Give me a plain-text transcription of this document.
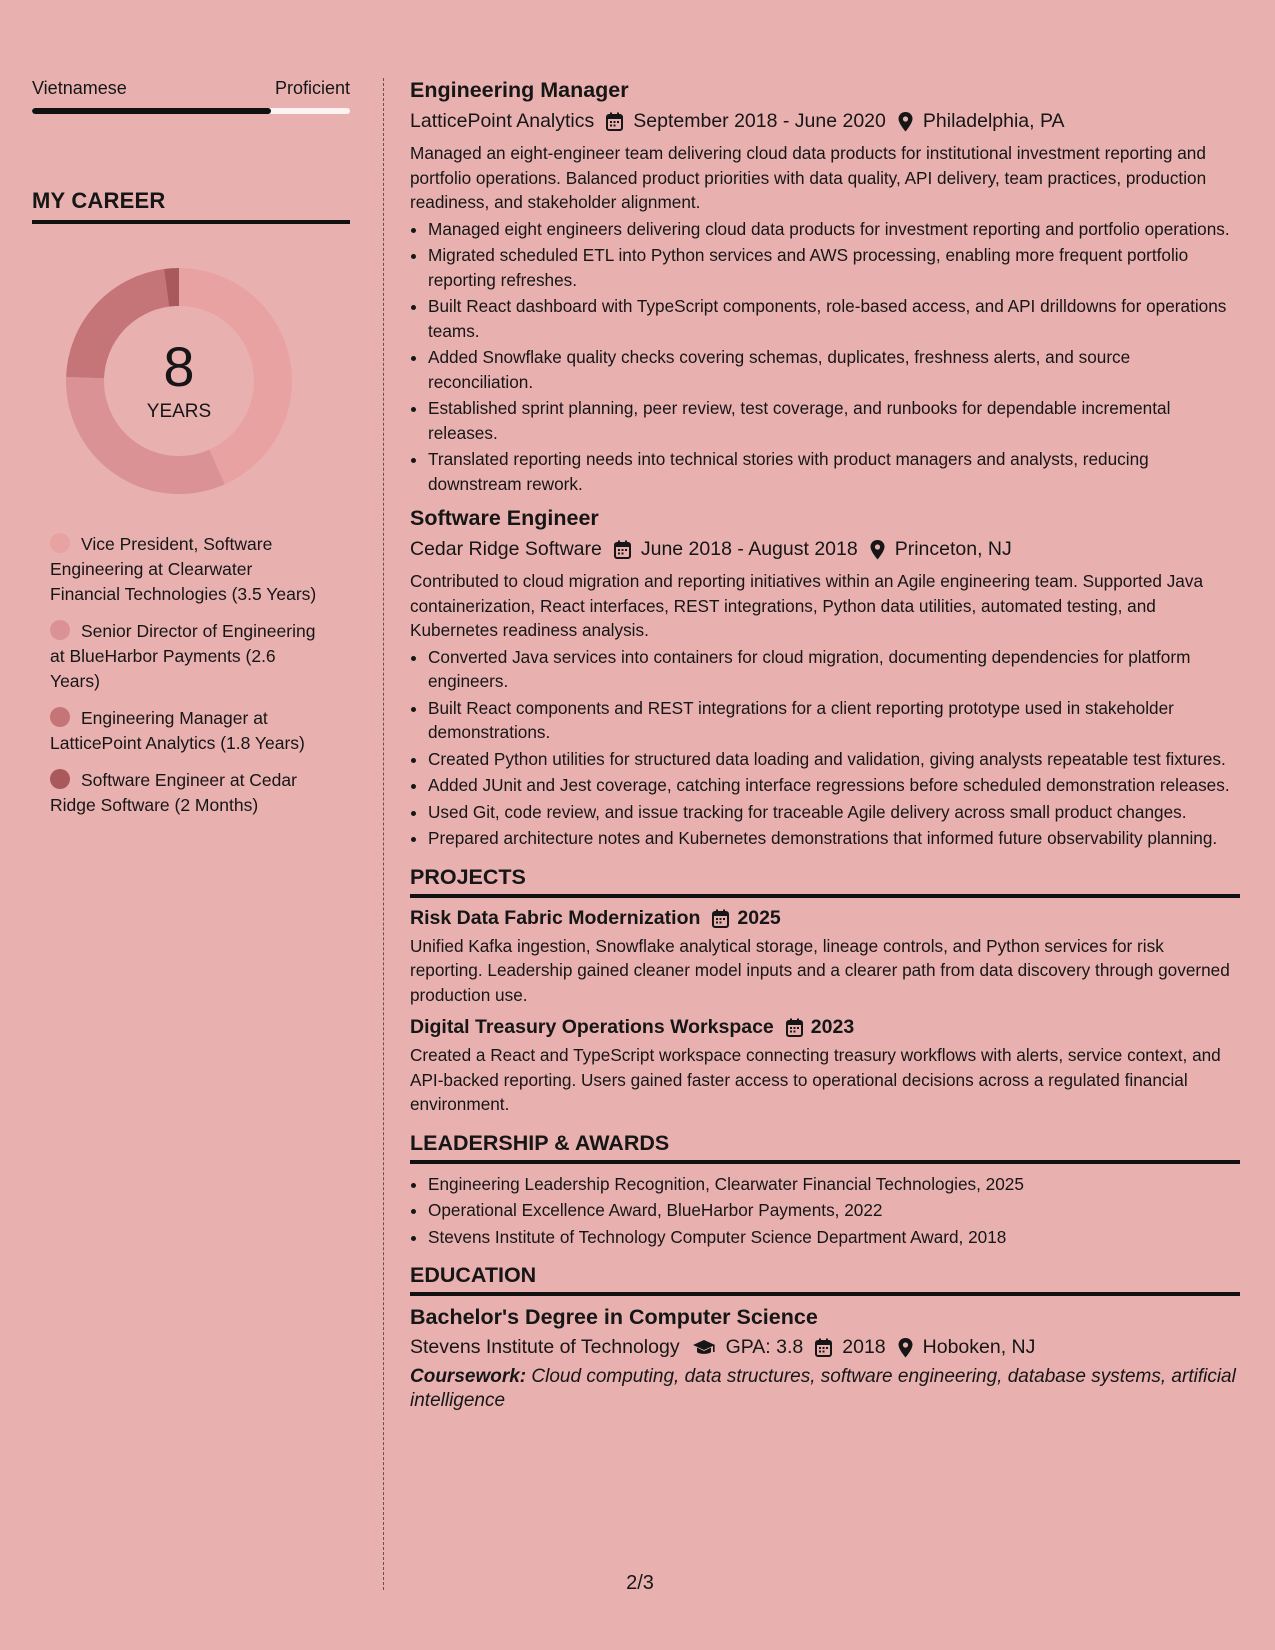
Vietnamese	Proficient
MY CAREER
8
YEARS
Vice President, Software Engineering at Clearwater Financial Technologies (3.5 Years)
Senior Director of Engineering at BlueHarbor Payments (2.6 Years)
Engineering Manager at LatticePoint Analytics (1.8 Years)
Software Engineer at Cedar Ridge Software (2 Months)
Engineering Manager
LatticePoint Analytics September 2018 - June 2020 Philadelphia, PA
Managed an eight-engineer team delivering cloud data products for institutional investment reporting and portfolio operations. Balanced product priorities with data quality, API delivery, team practices, production readiness, and stakeholder alignment.
• Managed eight engineers delivering cloud data products for investment reporting and portfolio operations.
• Migrated scheduled ETL into Python services and AWS processing, enabling more frequent portfolio reporting refreshes.
• Built React dashboard with TypeScript components, role-based access, and API drilldowns for operations teams.
• Added Snowflake quality checks covering schemas, duplicates, freshness alerts, and source reconciliation.
• Established sprint planning, peer review, test coverage, and runbooks for dependable incremental releases.
• Translated reporting needs into technical stories with product managers and analysts, reducing downstream rework.
Software Engineer
Cedar Ridge Software June 2018 - August 2018 Princeton, NJ
Contributed to cloud migration and reporting initiatives within an Agile engineering team. Supported Java containerization, React interfaces, REST integrations, Python data utilities, automated testing, and Kubernetes readiness analysis.
• Converted Java services into containers for cloud migration, documenting dependencies for platform engineers.
• Built React components and REST integrations for a client reporting prototype used in stakeholder demonstrations.
• Created Python utilities for structured data loading and validation, giving analysts repeatable test fixtures.
• Added JUnit and Jest coverage, catching interface regressions before scheduled demonstration releases.
• Used Git, code review, and issue tracking for traceable Agile delivery across small product changes.
• Prepared architecture notes and Kubernetes demonstrations that informed future observability planning.
PROJECTS
Risk Data Fabric Modernization 2025
Unified Kafka ingestion, Snowflake analytical storage, lineage controls, and Python services for risk reporting. Leadership gained cleaner model inputs and a clearer path from data discovery through governed production use.
Digital Treasury Operations Workspace 2023
Created a React and TypeScript workspace connecting treasury workflows with alerts, service context, and API-backed reporting. Users gained faster access to operational decisions across a regulated financial environment.
LEADERSHIP & AWARDS
• Engineering Leadership Recognition, Clearwater Financial Technologies, 2025
• Operational Excellence Award, BlueHarbor Payments, 2022
• Stevens Institute of Technology Computer Science Department Award, 2018
EDUCATION
Bachelor's Degree in Computer Science
Stevens Institute of Technology GPA: 3.8 2018 Hoboken, NJ
Coursework: Cloud computing, data structures, software engineering, database systems, artificial intelligence
2/3
